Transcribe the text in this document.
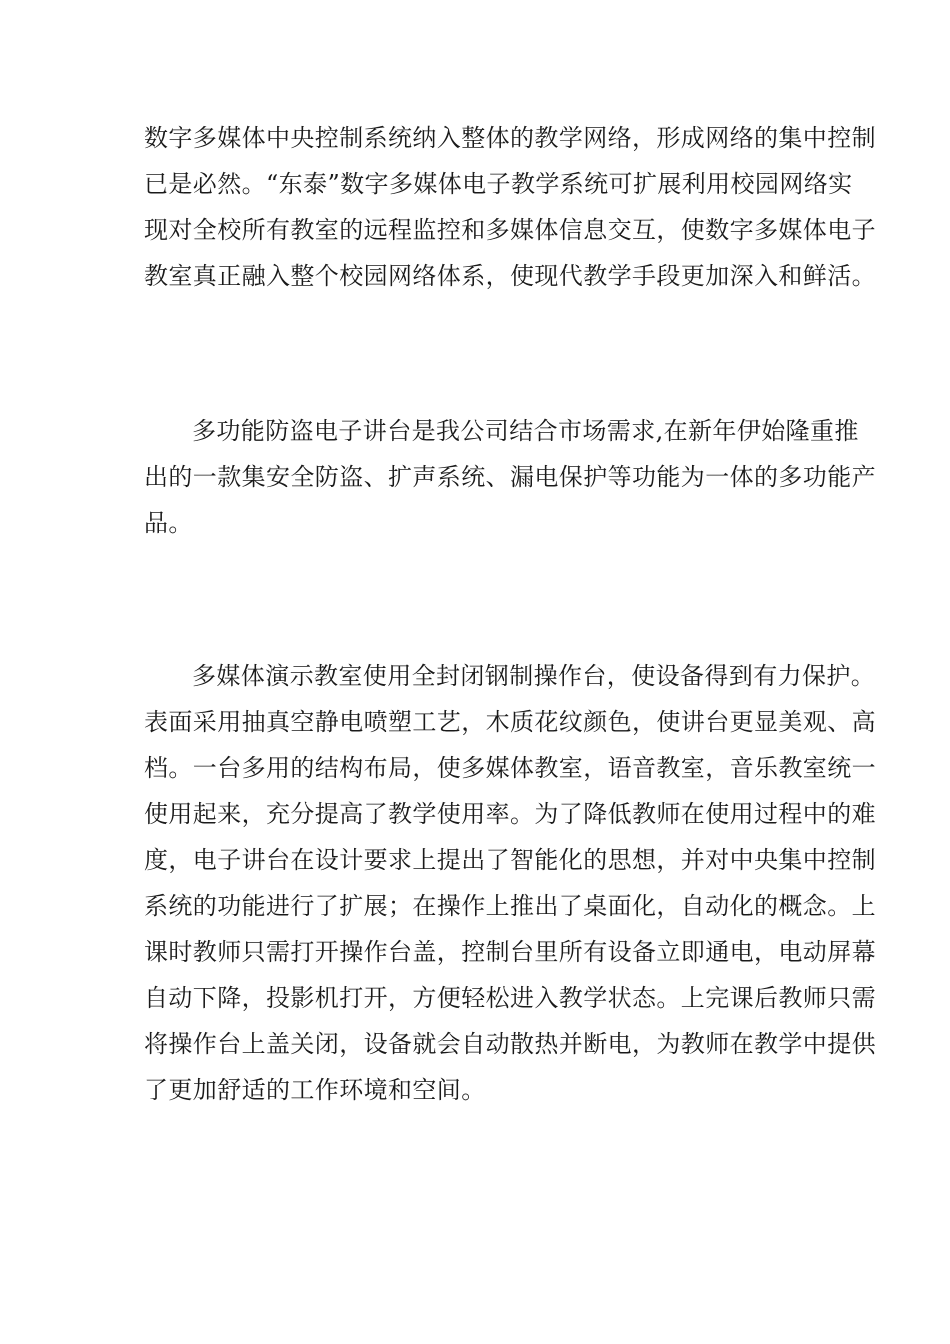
数字多媒体中央控制系统纳入整体的教学网络，形成网络的集中控制
已是必然。“东泰”数字多媒体电子教学系统可扩展利用校园网络实
现对全校所有教室的远程监控和多媒体信息交互，使数字多媒体电子
教室真正融入整个校园网络体系，使现代教学手段更加深入和鲜活。

多功能防盗电子讲台是我公司结合市场需求,在新年伊始隆重推
出的一款集安全防盗、扩声系统、漏电保护等功能为一体的多功能产
品。

多媒体演示教室使用全封闭钢制操作台，使设备得到有力保护。
表面采用抽真空静电喷塑工艺，木质花纹颜色，使讲台更显美观、高
档。一台多用的结构布局，使多媒体教室，语音教室，音乐教室统一
使用起来，充分提高了教学使用率。为了降低教师在使用过程中的难
度，电子讲台在设计要求上提出了智能化的思想，并对中央集中控制
系统的功能进行了扩展；在操作上推出了桌面化，自动化的概念。上
课时教师只需打开操作台盖，控制台里所有设备立即通电，电动屏幕
自动下降，投影机打开，方便轻松进入教学状态。上完课后教师只需
将操作台上盖关闭，设备就会自动散热并断电，为教师在教学中提供
了更加舒适的工作环境和空间。
